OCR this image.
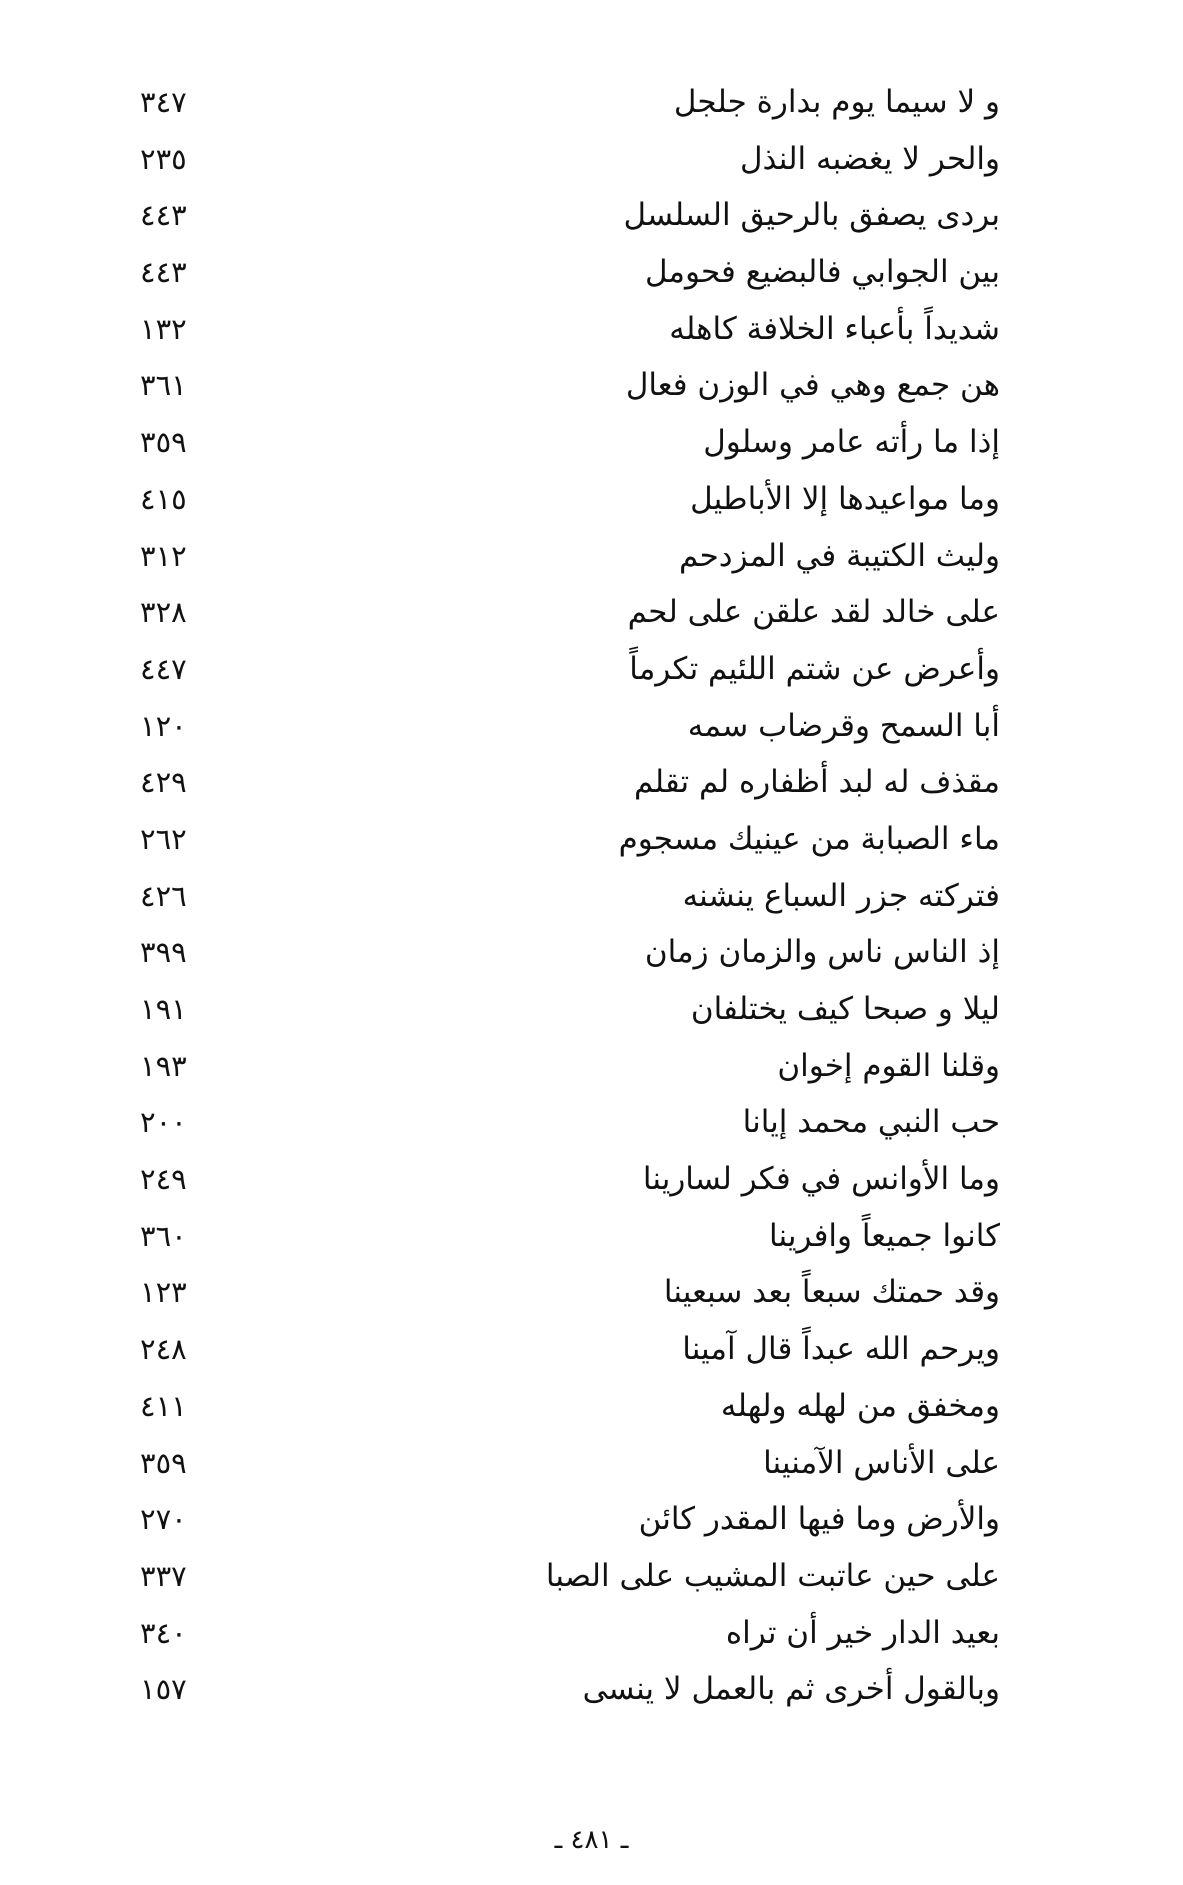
و لا سيما يوم بدارة جلجل
٣٤٧
والحر لا يغضبه النذل
٢٣٥
بردى يصفق بالرحيق السلسل
٤٤٣
بين الجوابي فالبضيع فحومل
٤٤٣
شديداً بأعباء الخلافة كاهله
١٣٢
هن جمع وهي في الوزن فعال
٣٦١
إذا ما رأته عامر وسلول
٣٥٩
وما مواعيدها إلا الأباطيل
٤١٥
وليث الكتيبة في المزدحم
٣١٢
على خالد لقد علقن على لحم
٣٢٨
وأعرض عن شتم اللئيم تكرماً
٤٤٧
أبا السمح وقرضاب سمه
١٢٠
مقذف له لبد أظفاره لم تقلم
٤٢٩
ماء الصبابة من عينيك مسجوم
٢٦٢
فتركته جزر السباع ينشنه
٤٢٦
إذ الناس ناس والزمان زمان
٣٩٩
ليلا و صبحا كيف يختلفان
١٩١
وقلنا القوم إخوان
١٩٣
حب النبي محمد إيانا
٢٠٠
وما الأوانس في فكر لسارينا
٢٤٩
كانوا جميعاً وافرينا
٣٦٠
وقد حمتك سبعاً بعد سبعينا
١٢٣
ويرحم الله عبداً قال آمينا
٢٤٨
ومخفق من لهله ولهله
٤١١
على الأناس الآمنينا
٣٥٩
والأرض وما فيها المقدر كائن
٢٧٠
على حين عاتبت المشيب على الصبا
٣٣٧
بعيد الدار خير أن تراه
٣٤٠
وبالقول أخرى ثم بالعمل لا ينسى
١٥٧
ـ ٤٨١ ـ
